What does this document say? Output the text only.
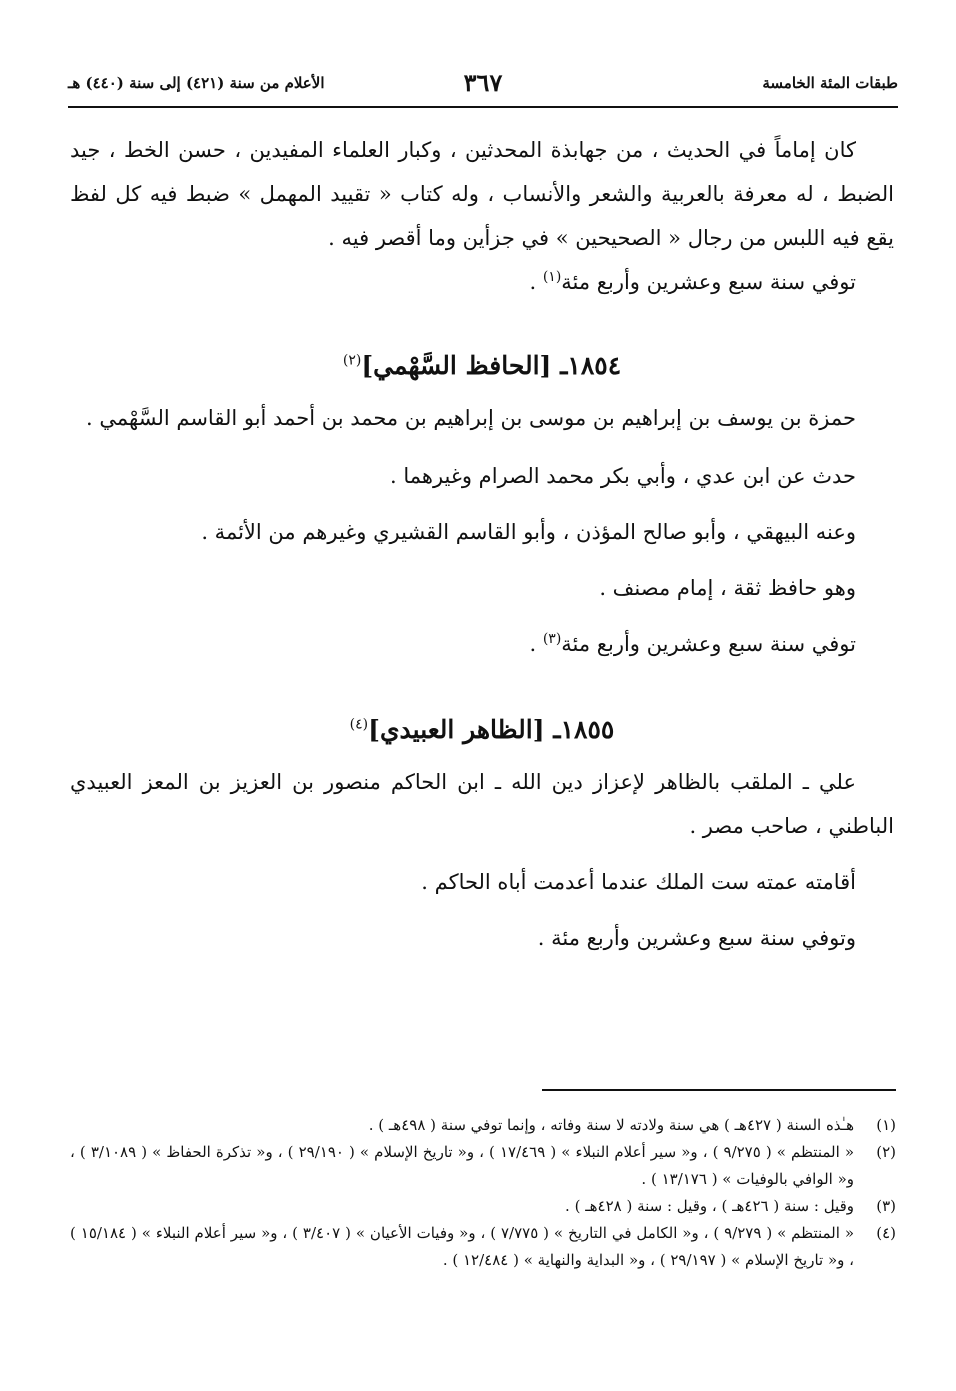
الأعلام من سنة (٤٢١) إلى سنة (٤٤٠) هـ	٣٦٧	طبقات المئة الخامسة

كان إماماً في الحديث ، من جهابذة المحدثين ، وكبار العلماء المفيدين ، حسن الخط ، جيد الضبط ، له معرفة بالعربية والشعر والأنساب ، وله كتاب « تقييد المهمل » ضبط فيه كل لفظ يقع فيه اللبس من رجال « الصحيحين » في جزأين وما أقصر فيه .

توفي سنة سبع وعشرين وأربع مئة$^{(١)}$ .

١٨٥٤ـ [الحافظ السَّهْمي]$^{(٢)}$

حمزة بن يوسف بن إبراهيم بن موسى بن إبراهيم بن محمد بن أحمد أبو القاسم السَّهْمي .

حدث عن ابن عدي ، وأبي بكر محمد الصرام وغيرهما .

وعنه البيهقي ، وأبو صالح المؤذن ، وأبو القاسم القشيري وغيرهم من الأئمة .

وهو حافظ ثقة ، إمام مصنف .

توفي سنة سبع وعشرين وأربع مئة$^{(٣)}$ .

١٨٥٥ـ [الظاهر العبيدي]$^{(٤)}$

علي ـ الملقب بالظاهر لإعزاز دين الله ـ ابن الحاكم منصور بن العزيز بن المعز العبيدي الباطني ، صاحب مصر .

أقامته عمته ست الملك عندما أعدمت أباه الحاكم .

وتوفي سنة سبع وعشرين وأربع مئة .

(١)
هـٰذه السنة ( ٤٢٧هـ ) هي سنة ولادته لا سنة وفاته ، وإنما توفي سنة ( ٤٩٨هـ ) .

(٢)
« المنتظم » ( ٩/٢٧٥ ) ، و« سير أعلام النبلاء » ( ١٧/٤٦٩ ) ، و« تاريخ الإسلام » ( ٢٩/١٩٠ ) ، و« تذكرة الحفاظ » ( ٣/١٠٨٩ ) ، و« الوافي بالوفيات » ( ١٣/١٧٦ ) .

(٣)
وقيل : سنة ( ٤٢٦هـ ) ، وقيل : سنة ( ٤٢٨هـ ) .

(٤)
« المنتظم » ( ٩/٢٧٩ ) ، و« الكامل في التاريخ » ( ٧/٧٧٥ ) ، و« وفيات الأعيان » ( ٣/٤٠٧ ) ، و« سير أعلام النبلاء » ( ١٥/١٨٤ ) ، و« تاريخ الإسلام » ( ٢٩/١٩٧ ) ، و« البداية والنهاية » ( ١٢/٤٨٤ ) .
